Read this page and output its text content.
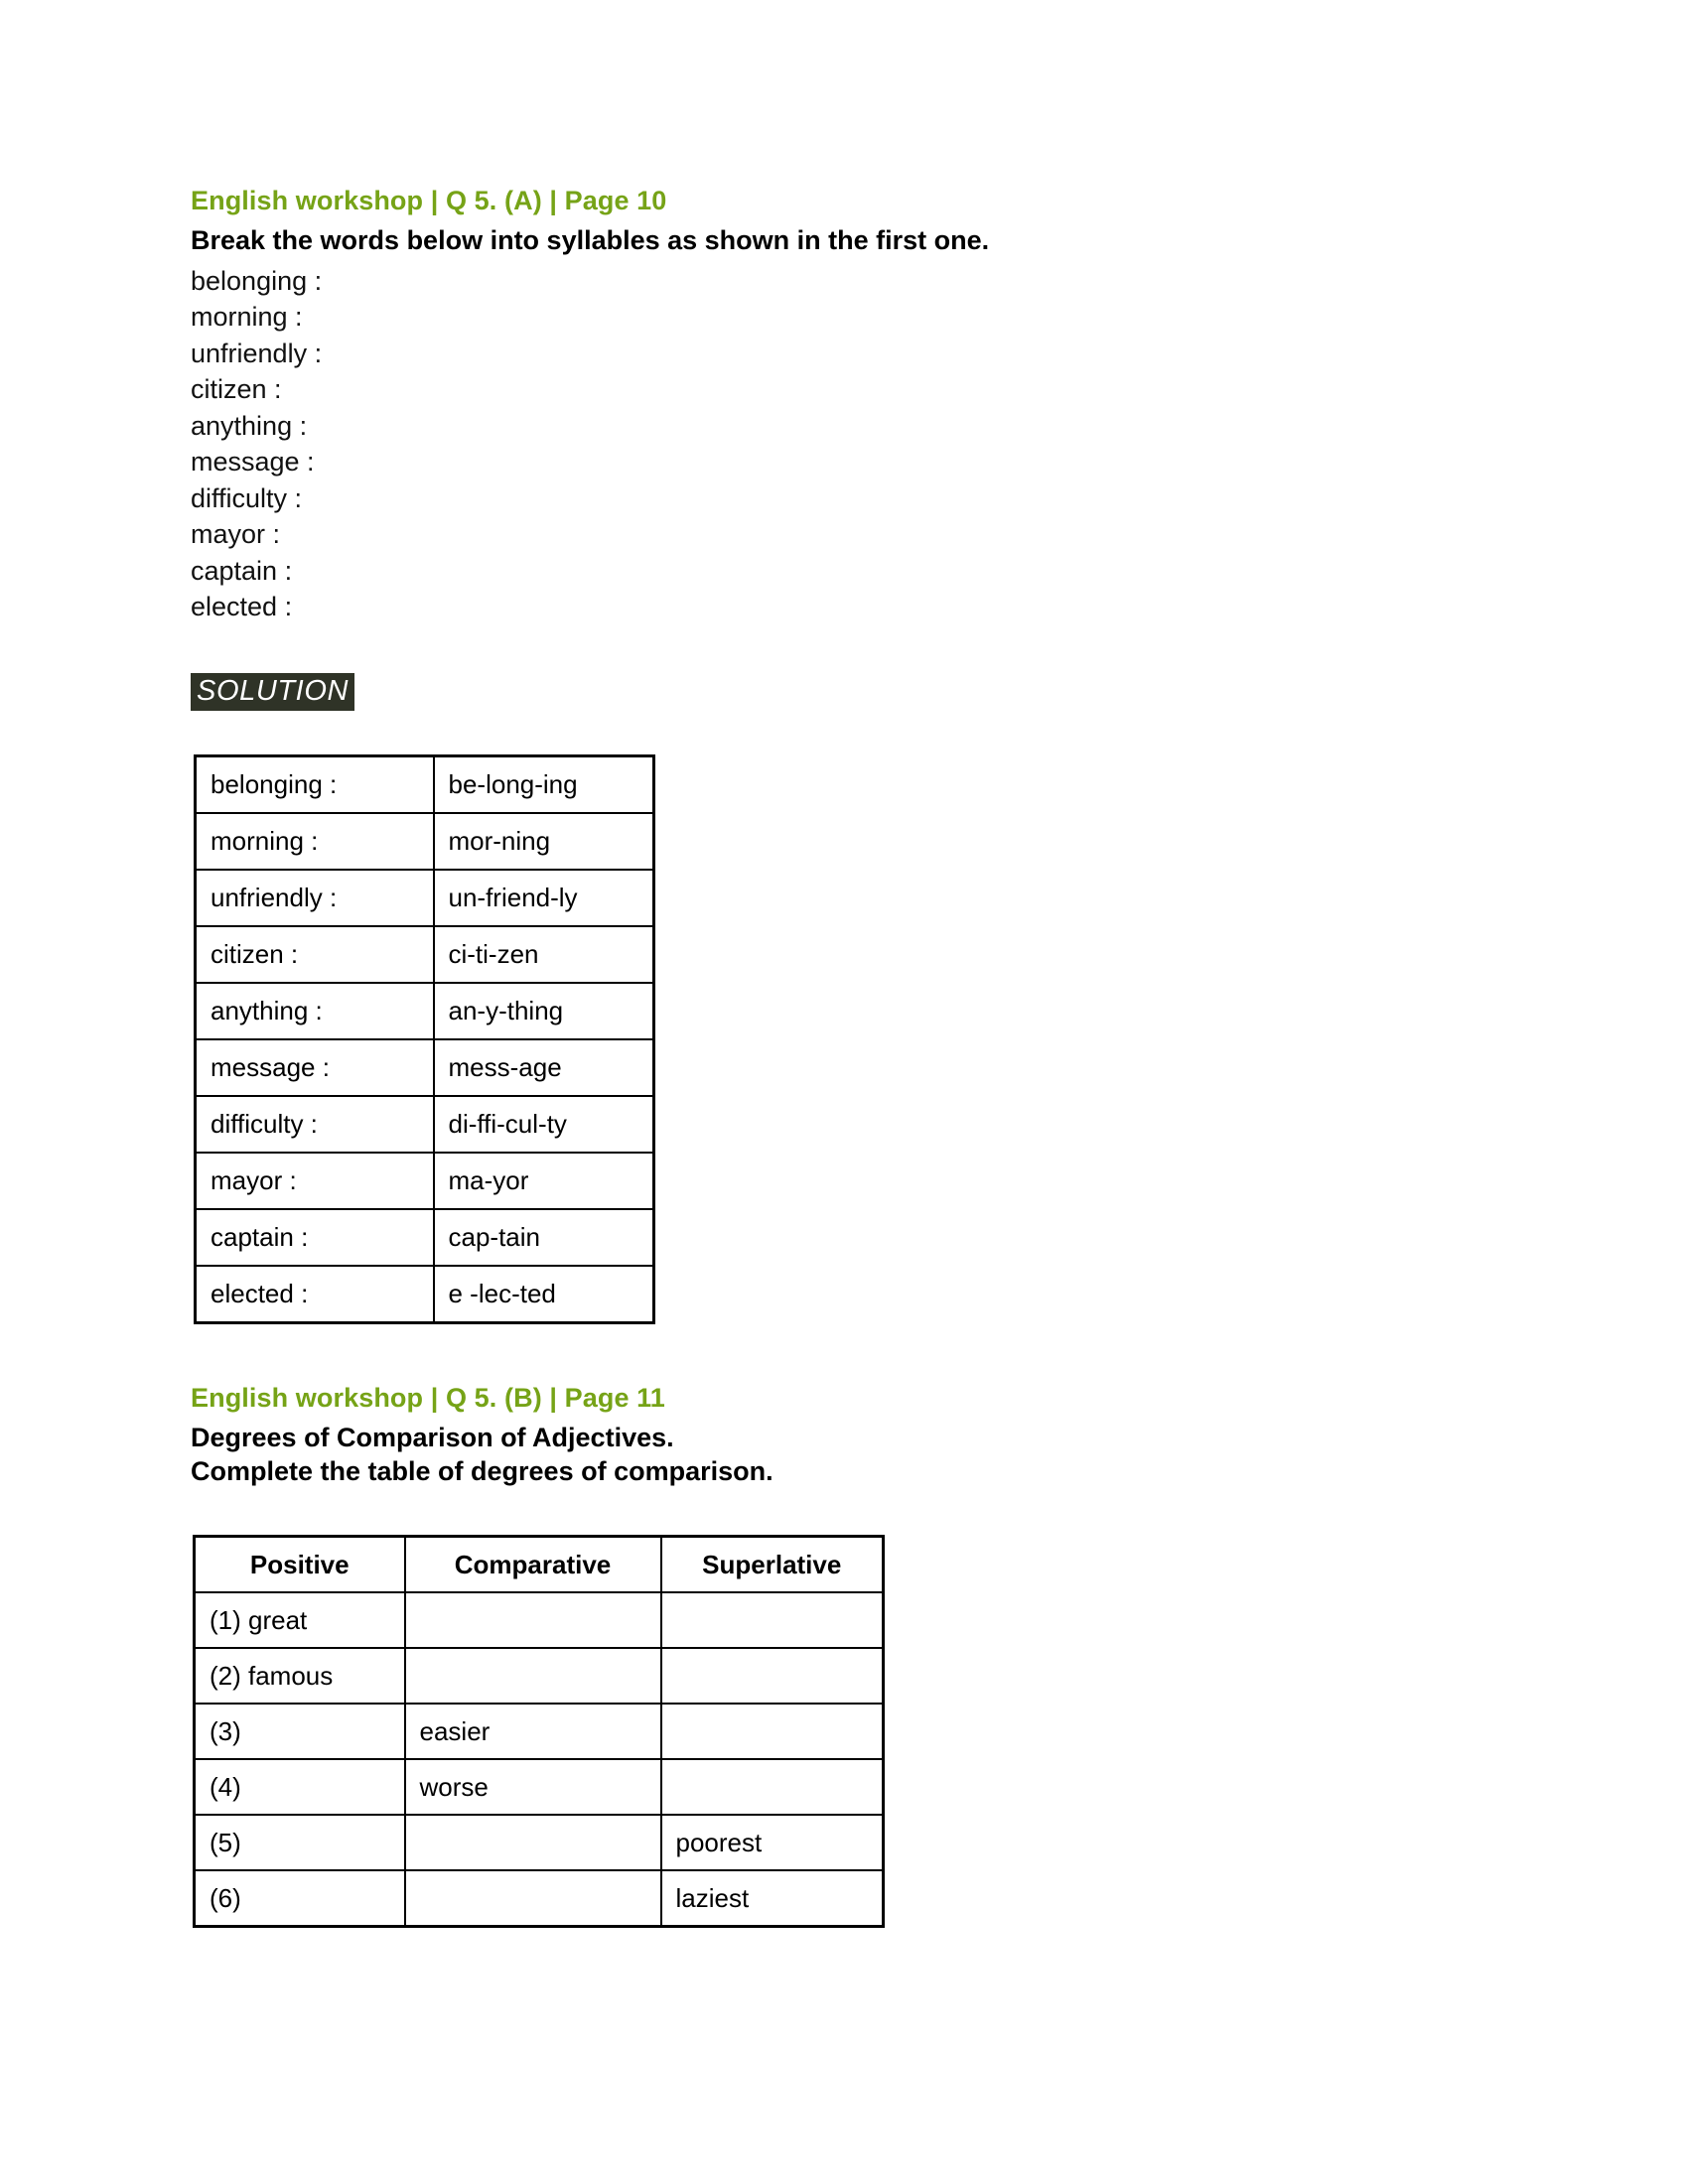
English workshop | Q 5. (A) | Page 10
Break the words below into syllables as shown in the first one.
belonging :
morning :
unfriendly :
citizen :
anything :
message :
difficulty :
mayor :
captain :
elected :
SOLUTION
belonging :	be-long-ing
morning :	mor-ning
unfriendly :	un-friend-ly
citizen :	ci-ti-zen
anything :	an-y-thing
message :	mess-age
difficulty :	di-ffi-cul-ty
mayor :	ma-yor
captain :	cap-tain
elected :	e -lec-ted
English workshop | Q 5. (B) | Page 11
Degrees of Comparison of Adjectives.
Complete the table of degrees of comparison.
Positive	Comparative	Superlative
(1) great		
(2) famous		
(3)	easier	
(4)	worse	
(5)		poorest
(6)		laziest
